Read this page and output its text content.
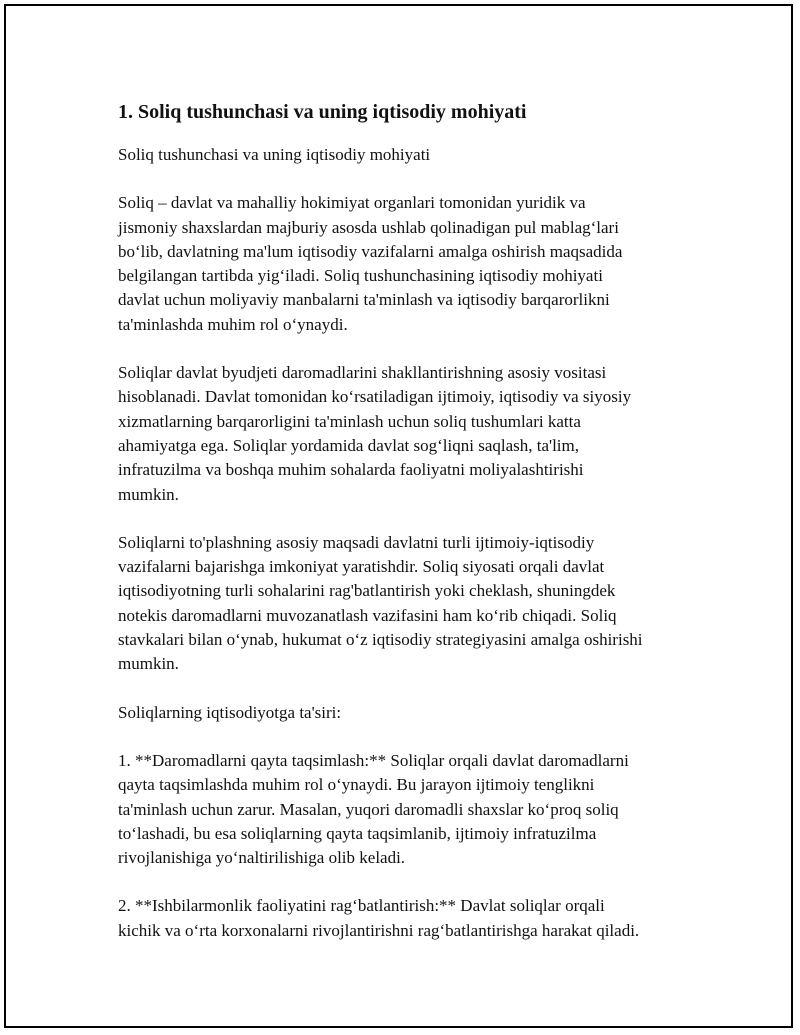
1. Soliq tushunchasi va uning iqtisodiy mohiyati

Soliq tushunchasi va uning iqtisodiy mohiyati

Soliq – davlat va mahalliy hokimiyat organlari tomonidan yuridik va
jismoniy shaxslardan majburiy asosda ushlab qolinadigan pul mablag‘lari
bo‘lib, davlatning ma'lum iqtisodiy vazifalarni amalga oshirish maqsadida
belgilangan tartibda yig‘iladi. Soliq tushunchasining iqtisodiy mohiyati
davlat uchun moliyaviy manbalarni ta'minlash va iqtisodiy barqarorlikni
ta'minlashda muhim rol o‘ynaydi.

Soliqlar davlat byudjeti daromadlarini shakllantirishning asosiy vositasi
hisoblanadi. Davlat tomonidan ko‘rsatiladigan ijtimoiy, iqtisodiy va siyosiy
xizmatlarning barqarorligini ta'minlash uchun soliq tushumlari katta
ahamiyatga ega. Soliqlar yordamida davlat sog‘liqni saqlash, ta'lim,
infratuzilma va boshqa muhim sohalarda faoliyatni moliyalashtirishi
mumkin.

Soliqlarni to'plashning asosiy maqsadi davlatni turli ijtimoiy-iqtisodiy
vazifalarni bajarishga imkoniyat yaratishdir. Soliq siyosati orqali davlat
iqtisodiyotning turli sohalarini rag'batlantirish yoki cheklash, shuningdek
notekis daromadlarni muvozanatlash vazifasini ham ko‘rib chiqadi. Soliq
stavkalari bilan o‘ynab, hukumat o‘z iqtisodiy strategiyasini amalga oshirishi
mumkin.

Soliqlarning iqtisodiyotga ta'siri:

1. **Daromadlarni qayta taqsimlash:** Soliqlar orqali davlat daromadlarni
qayta taqsimlashda muhim rol o‘ynaydi. Bu jarayon ijtimoiy tenglikni
ta'minlash uchun zarur. Masalan, yuqori daromadli shaxslar ko‘proq soliq
to‘lashadi, bu esa soliqlarning qayta taqsimlanib, ijtimoiy infratuzilma
rivojlanishiga yo‘naltirilishiga olib keladi.

2. **Ishbilarmonlik faoliyatini rag‘batlantirish:** Davlat soliqlar orqali
kichik va o‘rta korxonalarni rivojlantirishni rag‘batlantirishga harakat qiladi.
